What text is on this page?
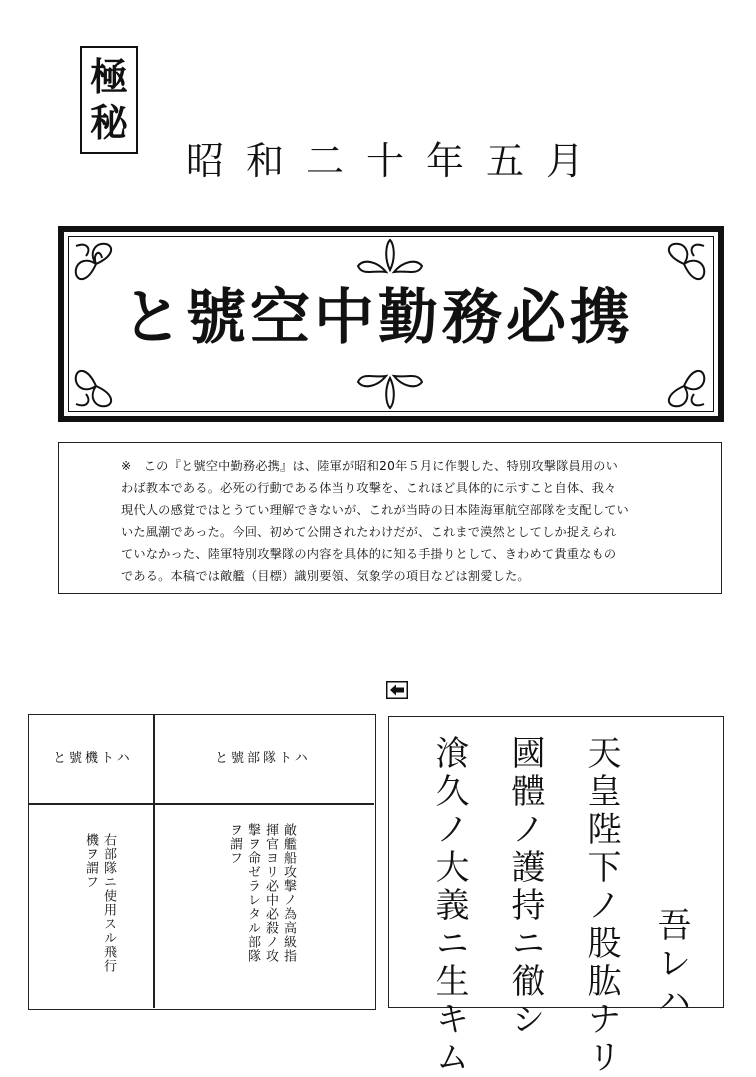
極
秘
昭和二十年五月
と號空中勤務必携
※　この『と號空中勤務必携』は、陸軍が昭和20年５月に作製した、特別攻撃隊員用のい
わば教本である。必死の行動である体当り攻撃を、これほど具体的に示すこと自体、我々
現代人の感覚ではとうてい理解できないが、これが当時の日本陸海軍航空部隊を支配してい
いた風潮であった。今回、初めて公開されたわけだが、これまで漠然としてしか捉えられ
ていなかった、陸軍特別攻撃隊の内容を具体的に知る手掛りとして、きわめて貴重なもの
である。本稿では敵艦（目標）識別要領、気象学の項目などは割愛した。
と號機トハ	と號部隊トハ
右部隊ニ使用スル飛行
機ヲ謂フ	敵艦船攻撃ノ為高級指
揮官ヨリ必中必殺ノ攻
撃ヲ命ゼラレタル部隊
ヲ謂フ
吾レハ
天皇陛下ノ股肱ナリ
國體ノ護持ニ徹シ
湌久ノ大義ニ生キム
